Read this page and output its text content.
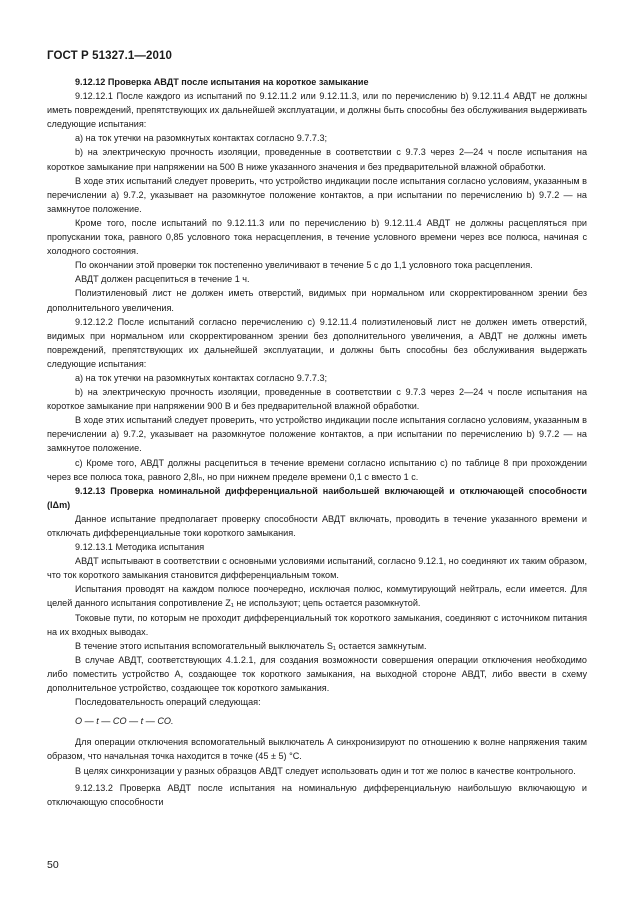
ГОСТ Р 51327.1—2010

9.12.12 Проверка АВДТ после испытания на короткое замыкание

9.12.12.1 После каждого из испытаний по 9.12.11.2 или 9.12.11.3, или по перечислению b) 9.12.11.4 АВДТ не должны иметь повреждений, препятствующих их дальнейшей эксплуатации, и должны быть способны без обслуживания выдерживать следующие испытания:

а) на ток утечки на разомкнутых контактах согласно 9.7.7.3;

b) на электрическую прочность изоляции, проведенные в соответствии с 9.7.3 через 2—24 ч после испытания на короткое замыкание при напряжении на 500 В ниже указанного значения и без предварительной влажной обработки.

В ходе этих испытаний следует проверить, что устройство индикации после испытания согласно условиям, указанным в перечислении а) 9.7.2, указывает на разомкнутое положение контактов, а при испытании по перечислению b) 9.7.2 — на замкнутое положение.

Кроме того, после испытаний по 9.12.11.3 или по перечислению b) 9.12.11.4 АВДТ не должны расцепляться при пропускании тока, равного 0,85 условного тока нерасцепления, в течение условного времени через все полюса, начиная с холодного состояния.

По окончании этой проверки ток постепенно увеличивают в течение 5 с до 1,1 условного тока расцепления.

АВДТ должен расцепиться в течение 1 ч.

Полиэтиленовый лист не должен иметь отверстий, видимых при нормальном или скорректированном зрении без дополнительного увеличения.

9.12.12.2 После испытаний согласно перечислению с) 9.12.11.4 полиэтиленовый лист не должен иметь отверстий, видимых при нормальном или скорректированном зрении без дополнительного увеличения, а АВДТ не должны иметь повреждений, препятствующих их дальнейшей эксплуатации, и должны быть способны без обслуживания выдержать следующие испытания:

а) на ток утечки на разомкнутых контактах согласно 9.7.7.3;

b) на электрическую прочность изоляции, проведенные в соответствии с 9.7.3 через 2—24 ч после испытания на короткое замыкание при напряжении 900 В и без предварительной влажной обработки.

В ходе этих испытаний следует проверить, что устройство индикации после испытания согласно условиям, указанным в перечислении а) 9.7.2, указывает на разомкнутое положение контактов, а при испытании по перечислению b) 9.7.2 — на замкнутое положение.

с) Кроме того, АВДТ должны расцепиться в течение времени согласно испытанию с) по таблице 8 при прохождении через все полюса тока, равного 2,8Iₙ, но при нижнем пределе времени 0,1 с вместо 1 с.

9.12.13 Проверка номинальной дифференциальной наибольшей включающей и отключающей способности (IΔm)

Данное испытание предполагает проверку способности АВДТ включать, проводить в течение указанного времени и отключать дифференциальные токи короткого замыкания.

9.12.13.1 Методика испытания

АВДТ испытывают в соответствии с основными условиями испытаний, согласно 9.12.1, но соединяют их таким образом, что ток короткого замыкания становится дифференциальным током.

Испытания проводят на каждом полюсе поочередно, исключая полюс, коммутирующий нейтраль, если имеется. Для целей данного испытания сопротивление Z₁ не используют; цепь остается разомкнутой.

Токовые пути, по которым не проходит дифференциальный ток короткого замыкания, соединяют с источником питания на их входных выводах.

В течение этого испытания вспомогательный выключатель S₁ остается замкнутым.

В случае АВДТ, соответствующих 4.1.2.1, для создания возможности совершения операции отключения необходимо либо поместить устройство А, создающее ток короткого замыкания, на выходной стороне АВДТ, либо ввести в схему дополнительное устройство, создающее ток короткого замыкания.

Последовательность операций следующая:

O — t — CO — t — CO.

Для операции отключения вспомогательный выключатель А синхронизируют по отношению к волне напряжения таким образом, что начальная точка находится в точке (45 ± 5) °С.

В целях синхронизации у разных образцов АВДТ следует использовать один и тот же полюс в качестве контрольного.

9.12.13.2 Проверка АВДТ после испытания на номинальную дифференциальную наибольшую включающую и отключающую способности

50
